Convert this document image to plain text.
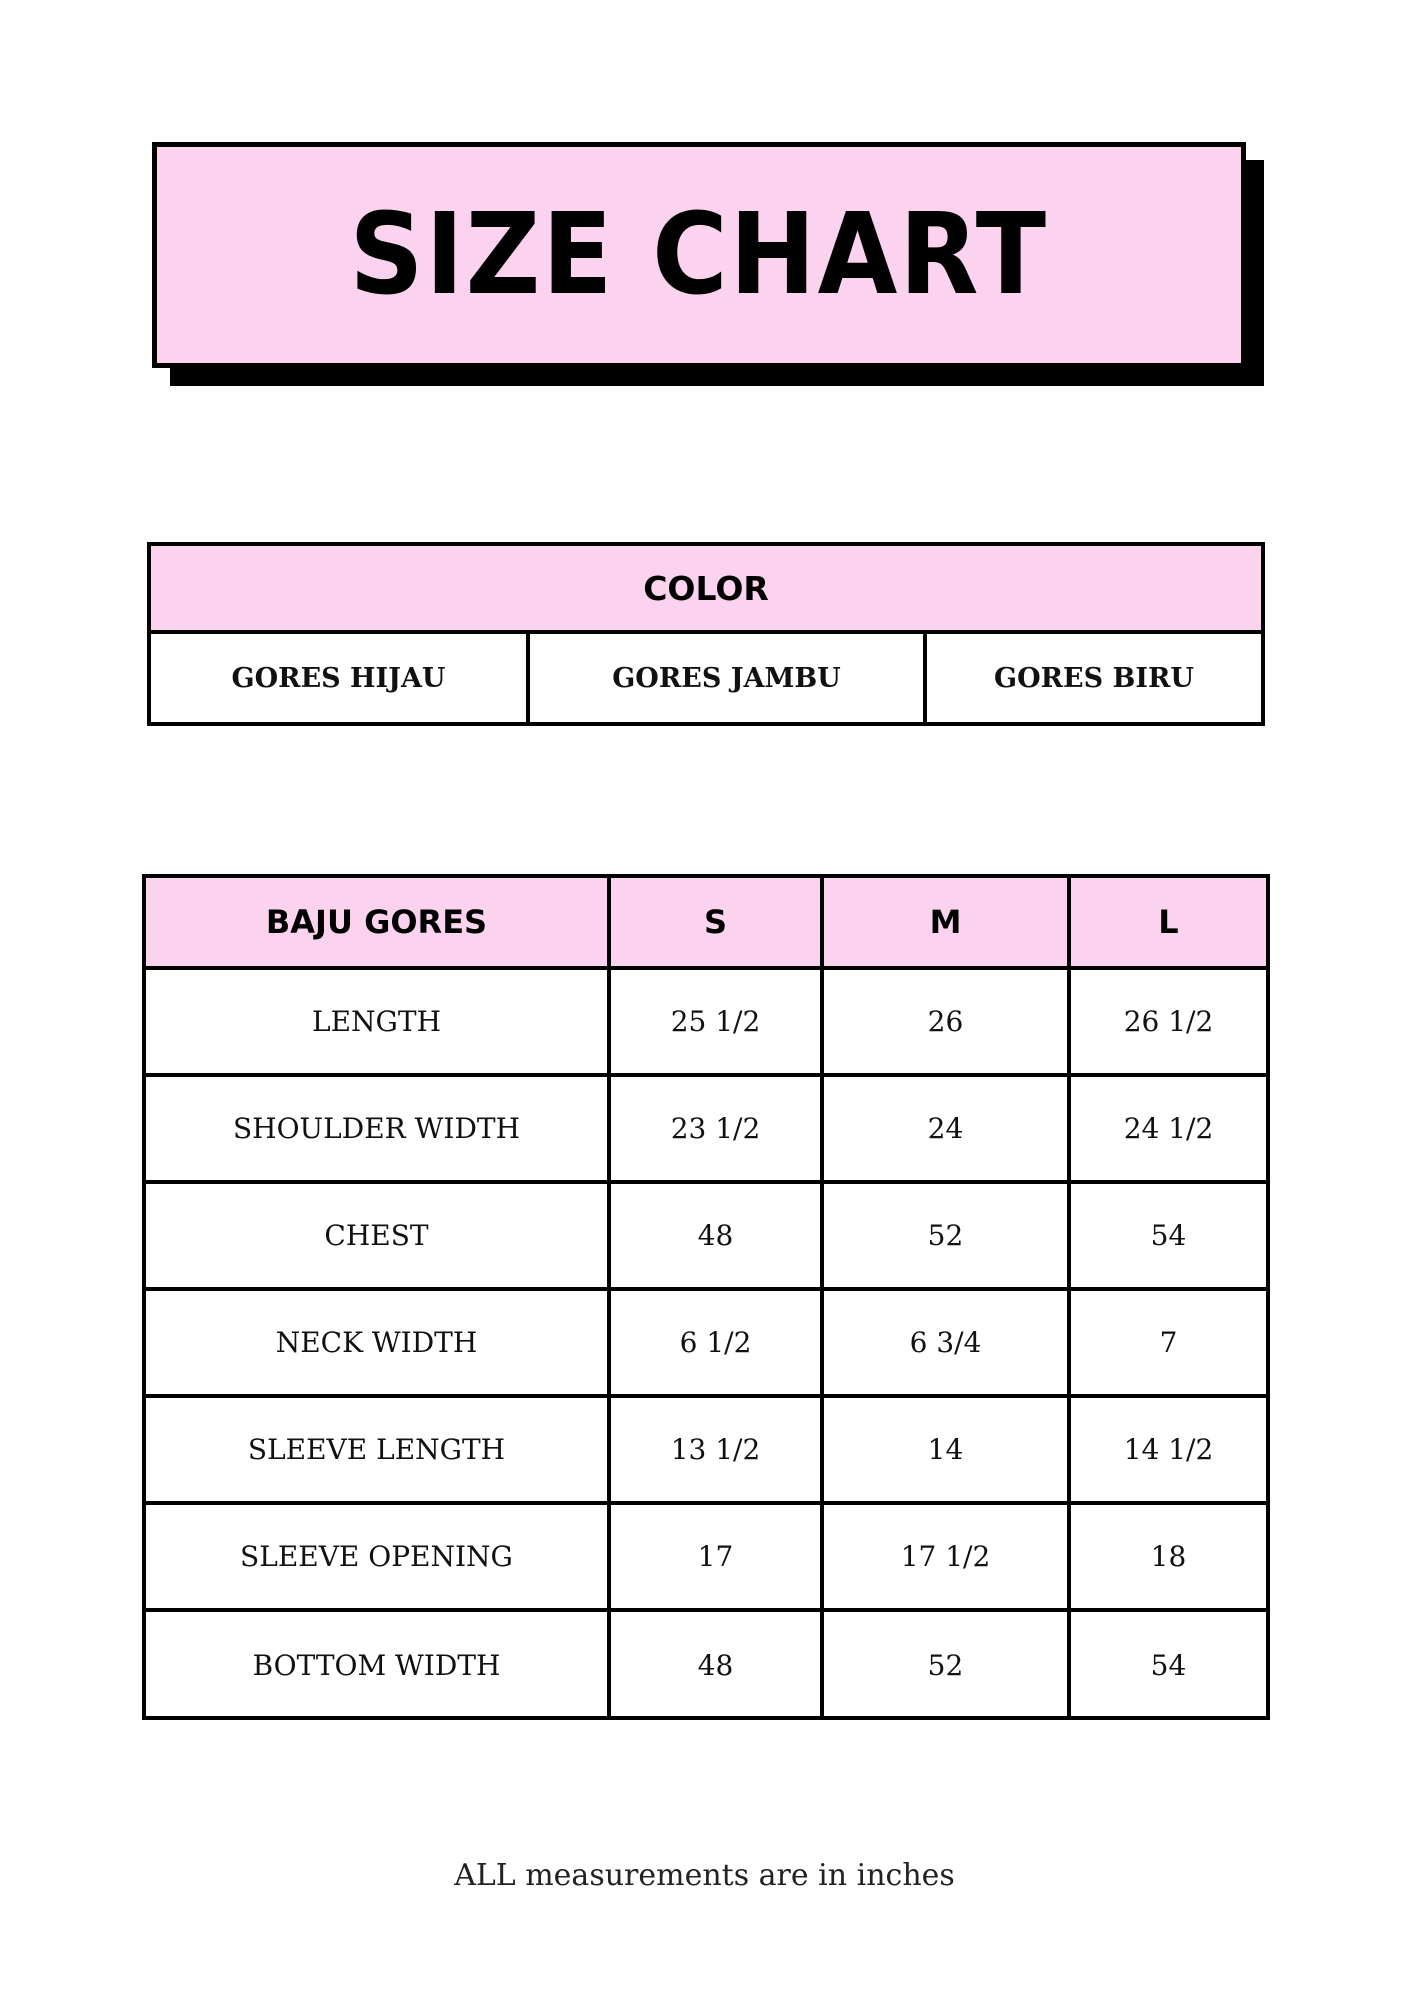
SIZE CHART
COLOR
GORES HIJAU	GORES JAMBU	GORES BIRU
BAJU GORES	S	M	L
LENGTH	25 1/2	26	26 1/2
SHOULDER WIDTH	23 1/2	24	24 1/2
CHEST	48	52	54
NECK WIDTH	6 1/2	6 3/4	7
SLEEVE LENGTH	13 1/2	14	14 1/2
SLEEVE OPENING	17	17 1/2	18
BOTTOM WIDTH	48	52	54
ALL measurements are in inches
